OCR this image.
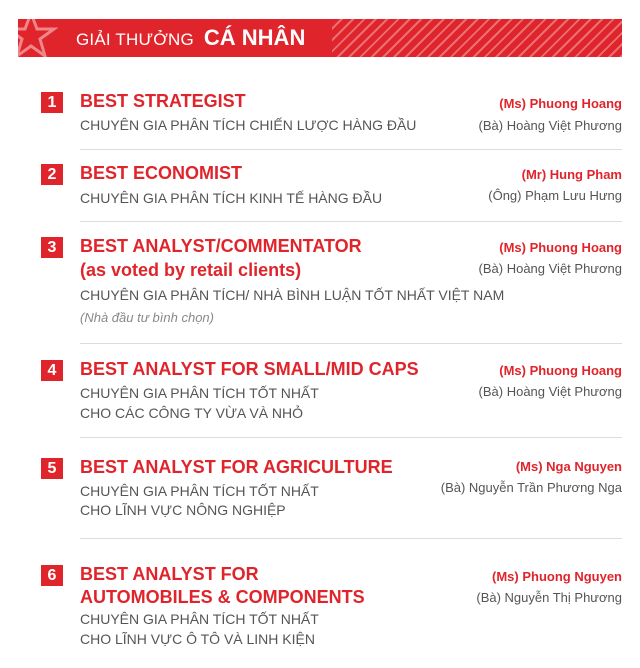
GIẢI THƯỞNG CÁ NHÂN
1	BEST STRATEGIST
CHUYÊN GIA PHÂN TÍCH CHIẾN LƯỢC HÀNG ĐẦU
(Ms) Phuong Hoang
(Bà) Hoàng Việt Phương
2	BEST ECONOMIST
CHUYÊN GIA PHÂN TÍCH KINH TẾ HÀNG ĐẦU
(Mr) Hung Pham
(Ông) Phạm Lưu Hưng
3	BEST ANALYST/COMMENTATOR
(as voted by retail clients)
CHUYÊN GIA PHÂN TÍCH/ NHÀ BÌNH LUẬN TỐT NHẤT VIỆT NAM
(Nhà đầu tư bình chọn)
(Ms) Phuong Hoang
(Bà) Hoàng Việt Phương
4	BEST ANALYST FOR SMALL/MID CAPS
CHUYÊN GIA PHÂN TÍCH TỐT NHẤT
CHO CÁC CÔNG TY VỪA VÀ NHỎ
(Ms) Phuong Hoang
(Bà) Hoàng Việt Phương
5	BEST ANALYST FOR AGRICULTURE
CHUYÊN GIA PHÂN TÍCH TỐT NHẤT
CHO LĨNH VỰC NÔNG NGHIỆP
(Ms) Nga Nguyen
(Bà) Nguyễn Trần Phương Nga
6	BEST ANALYST FOR
AUTOMOBILES & COMPONENTS
CHUYÊN GIA PHÂN TÍCH TỐT NHẤT
CHO LĨNH VỰC Ô TÔ VÀ LINH KIỆN
(Ms) Phuong Nguyen
(Bà) Nguyễn Thị Phương
